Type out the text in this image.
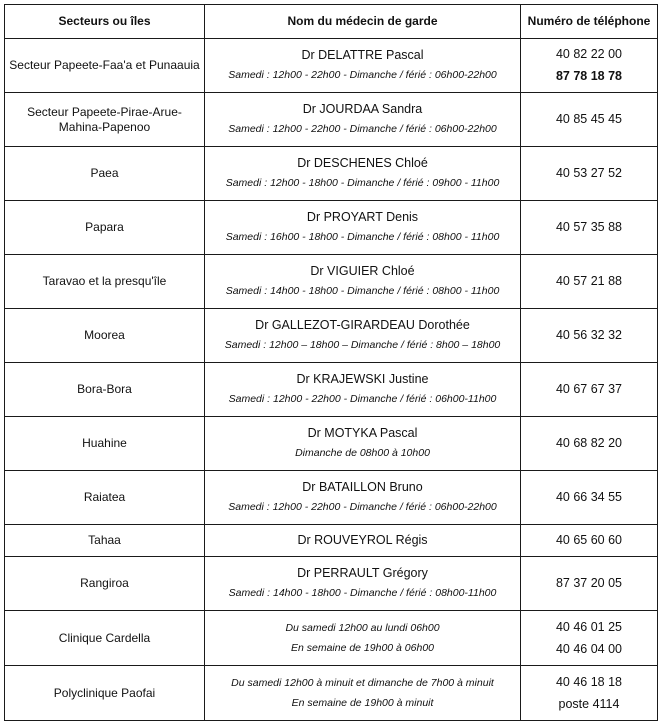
Secteurs ou îles	Nom du médecin de garde	Numéro de téléphone
Secteur Papeete-Faa'a et Punaauia	Dr DELATTRE Pascal
Samedi : 12h00 - 22h00 - Dimanche / férié : 06h00-22h00	40 82 22 00
87 78 18 78

Secteur Papeete-Pirae-Arue-Mahina-Papenoo	Dr JOURDAA Sandra
Samedi : 12h00 - 22h00 - Dimanche / férié : 06h00-22h00	40 85 45 45

Paea	Dr DESCHENES Chloé
Samedi : 12h00 - 18h00 - Dimanche / férié : 09h00 - 11h00	40 53 27 52

Papara	Dr PROYART Denis
Samedi : 16h00 - 18h00 - Dimanche / férié : 08h00 - 11h00	40 57 35 88

Taravao et la presqu'île	Dr VIGUIER Chloé
Samedi : 14h00 - 18h00 - Dimanche / férié : 08h00 - 11h00	40 57 21 88

Moorea	Dr GALLEZOT-GIRARDEAU Dorothée
Samedi : 12h00 – 18h00 – Dimanche / férié : 8h00 – 18h00	40 56 32 32

Bora-Bora	Dr KRAJEWSKI Justine
Samedi : 12h00 - 22h00 - Dimanche / férié : 06h00-11h00	40 67 67 37

Huahine	Dr MOTYKA Pascal
Dimanche de 08h00 à 10h00	40 68 82 20

Raiatea	Dr BATAILLON Bruno
Samedi : 12h00 - 22h00 - Dimanche / férié : 06h00-22h00	40 66 34 55

Tahaa	Dr ROUVEYROL Régis	40 65 60 60

Rangiroa	Dr PERRAULT Grégory
Samedi : 14h00 - 18h00 - Dimanche / férié : 08h00-11h00	87 37 20 05

Clinique Cardella	Du samedi 12h00 au lundi 06h00
En semaine de 19h00 à 06h00	40 46 01 25
40 46 04 00

Polyclinique Paofai	Du samedi 12h00 à minuit et dimanche de 7h00 à minuit
En semaine de 19h00 à minuit	40 46 18 18
poste 4114
